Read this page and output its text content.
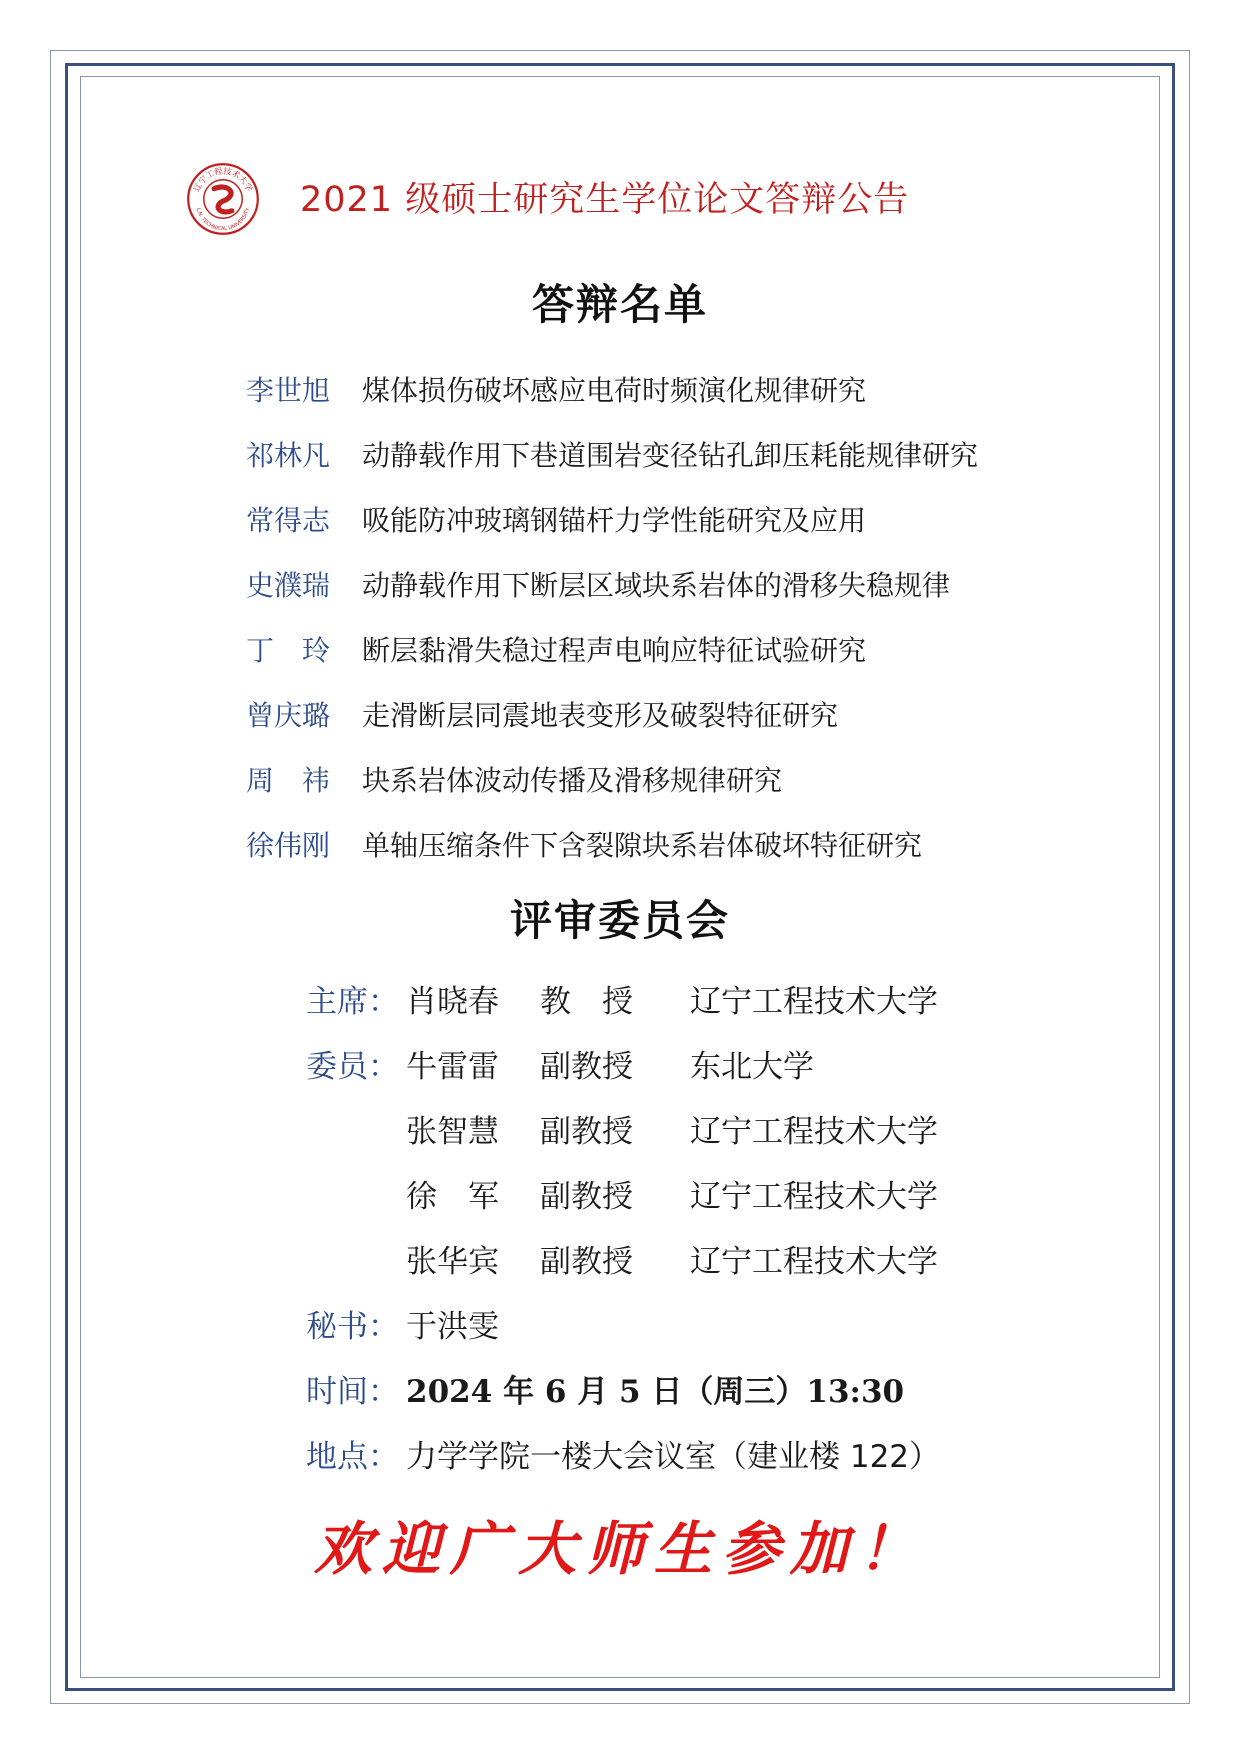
辽宁工程技术大学
L.N. TECHNICAL UNIVERSITY 2021 级硕士研究生学位论文答辩公告
答辩名单
李世旭	煤体损伤破坏感应电荷时频演化规律研究
祁林凡	动静载作用下巷道围岩变径钻孔卸压耗能规律研究
常得志	吸能防冲玻璃钢锚杆力学性能研究及应用
史濮瑞	动静载作用下断层区域块系岩体的滑移失稳规律
丁　玲	断层黏滑失稳过程声电响应特征试验研究
曾庆璐	走滑断层同震地表变形及破裂特征研究
周　祎	块系岩体波动传播及滑移规律研究
徐伟刚	单轴压缩条件下含裂隙块系岩体破坏特征研究
评审委员会
主席： 肖晓春	教　授	辽宁工程技术大学
委员： 牛雷雷	副教授	东北大学
张智慧	副教授	辽宁工程技术大学
徐　军	副教授	辽宁工程技术大学
张华宾	副教授	辽宁工程技术大学
秘书： 于洪雯
时间： 2024 年 6 月 5 日（周三）13:30
地点： 力学学院一楼大会议室（建业楼 122）
欢迎广大师生参加！
